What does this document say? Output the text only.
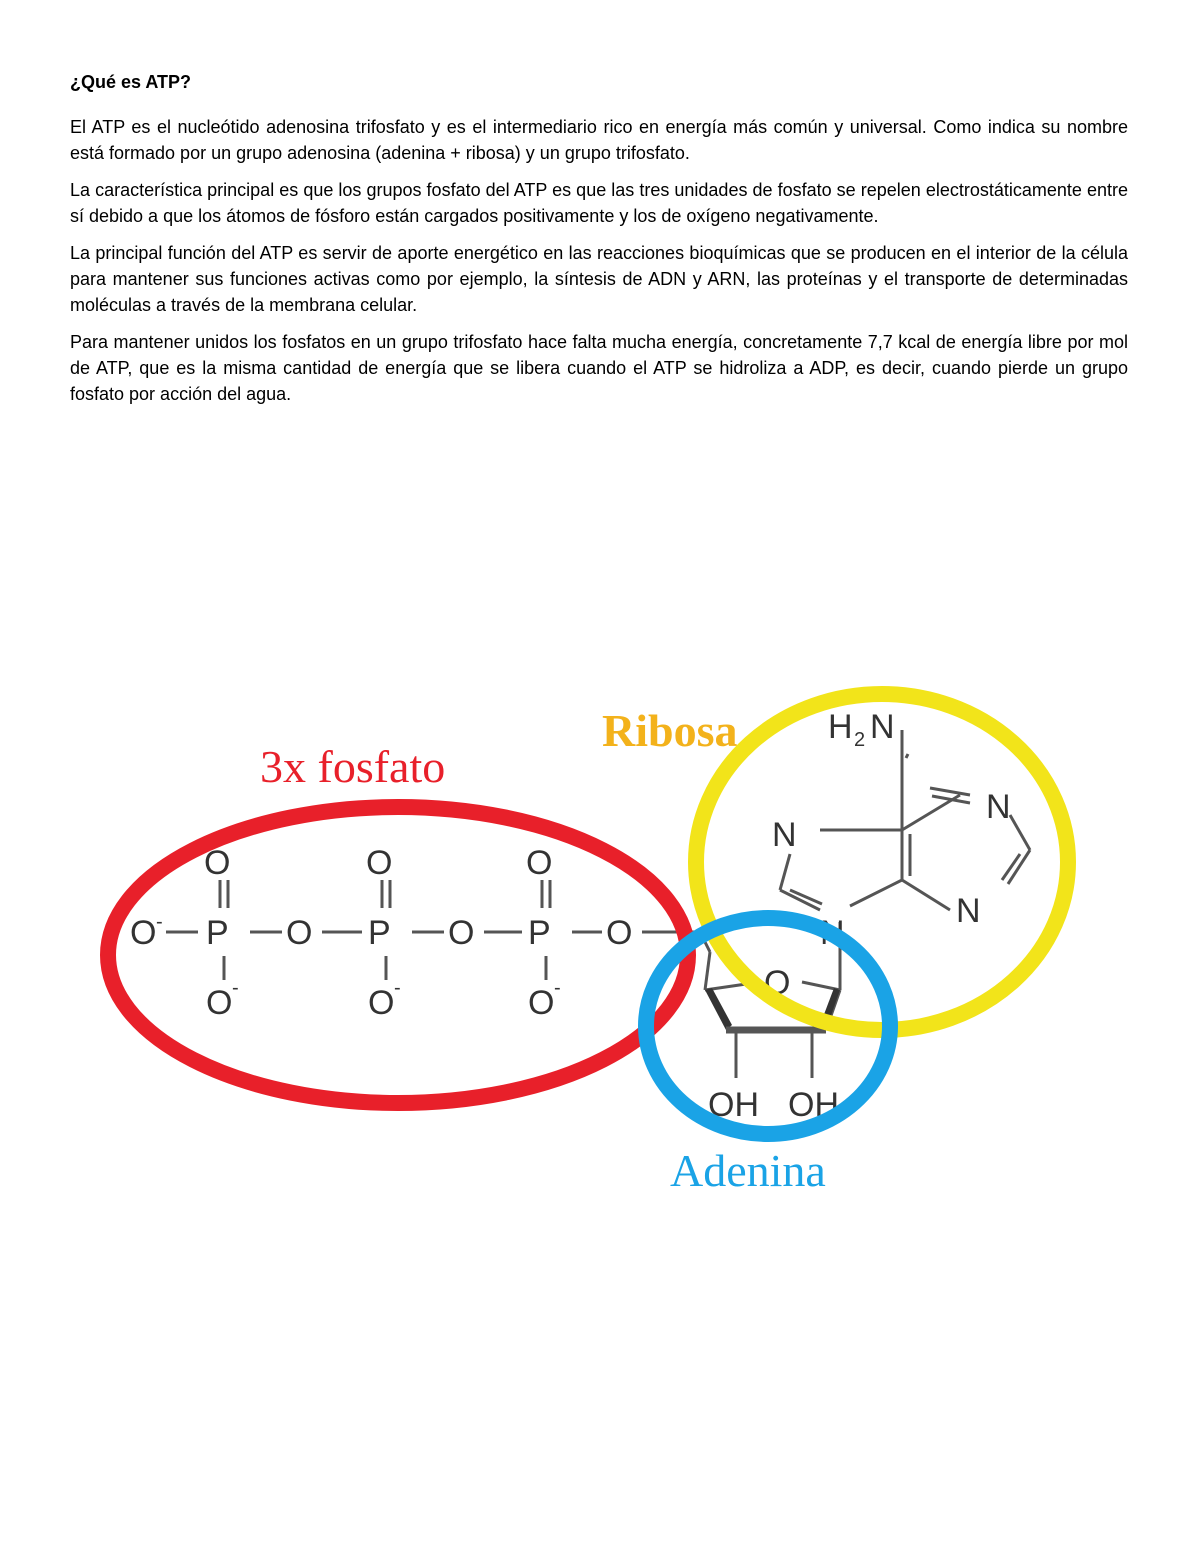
¿Qué es ATP?

El ATP es el nucleótido adenosina trifosfato y es el intermediario rico en energía más común y universal. Como indica su nombre está formado por un grupo adenosina (adenina + ribosa) y un grupo trifosfato.

La característica principal es que los grupos fosfato del ATP es que las tres unidades de fosfato se repelen electrostáticamente entre sí debido a que los átomos de fósforo están cargados positivamente y los de oxígeno negativamente.

La principal función del ATP es servir de aporte energético en las reacciones bioquímicas que se producen en el interior de la célula para mantener sus funciones activas como por ejemplo, la síntesis de ADN y ARN, las proteínas y el transporte de determinadas moléculas a través de la membrana celular.

Para mantener unidos los fosfatos en un grupo trifosfato hace falta mucha energía, concretamente 7,7 kcal de energía libre por mol de ATP, que es la misma cantidad de energía que se libera cuando el ATP se hidroliza a ADP, es decir, cuando pierde un grupo fosfato por acción del agua.

3x fosfato
Ribosa
Adenina
O	O	O
O - P O P O P O
O -	O -	O -	O
OH OH
H 2 N
N
N
N
N
